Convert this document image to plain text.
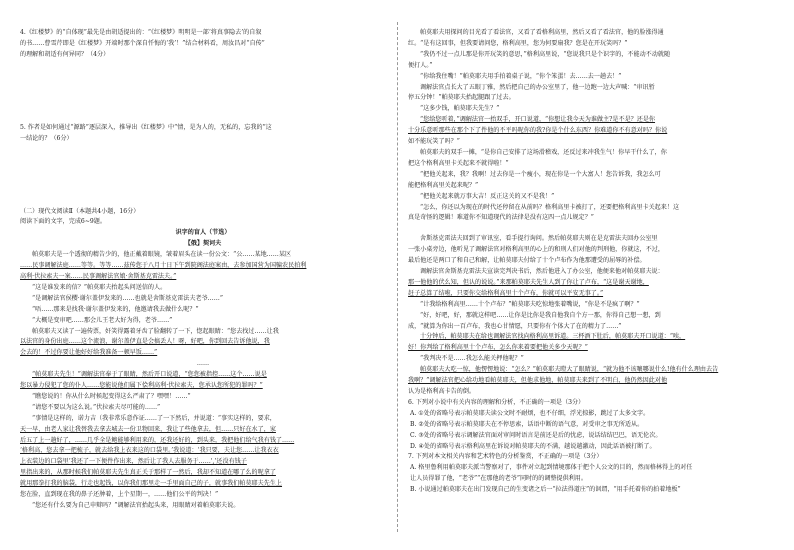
4.《红楼梦》的“自体现”最先是由胡适提出的：“《红楼梦》明明是一部‘将真事隐去’的自叙

的书……曹雪芹即是《红楼梦》开端时那个深自忏悔的‘我’！”结合材料看，周汝昌对“自传”

的理解和胡适有何异同？（4分）

5. 作者是如何通过“源路”逐层深入，推导出《红楼梦》中“情，是为人的，无私的，忘我的”这

一结论的？（6分）

（二）现代文阅读Ⅱ（本题共4小题，16分）

阅读下面的文字，完成6~9题。

识字的盲人（节选）

【俄】契诃夫

帕莫耶夫是一个透彻的精告少的，他正戴着眼镜，皱着眉头在读一份公文：“公……某地……某区

……民事调解法庭……等等。等等……兹传您于八月十日下午到院阁法庭案由，去参加国营为国骗农民拍利

高利·伏拉索夫一案……民事调解法官娘·舍斯基克雷法夫。”

“这是谁发来的信？”帕莫耶夫抬起头问送信的人。

“是调解法官侯樱·谢尔盖伊发来的……也就是舍斯基克雷法夫老爷……”

“唔……那来是找我·谢尔盖伊发来的，他邀请我去做什么呢？”

“大概是变审吧……那会儿王老大好为得，老爷……”

帕莫耶夫又读了一遍传票，奸笑得露着牙齿了脸翻转了一下，惚起眼睛：“您去找过……让我

以法官的身份出庭……这个流浪，谢尔盖伊直是会搞丢人！呀，好吧，你到回去告诉他说，我

会去的！不过你要让他好好给我准备一顿早饭……”

……

“帕莫耶夫先生！”调解法官奉于了眼睛，然后开口说道，“您您被指控……这个……说是

您以暴力侵犯了您的仆人……您能说他们属下侩利高利·伏拉索夫，您承认您所犯的罪吗？”

“瞧您说的！你从什么时候起变得这么严肃了？嘿嘿！……”

“请您不要以为这么说。”伏拉索夫尽可能的……”

“事情是这样的，诺力吉（我非常乐意作证……了一下然后，并说道：“事实这样的，要求，

天一早，由老人家让我替我去拿去城去一份卫物回来，我让了些他拿去，但……只好在水了，家

后五了上一趟好了，……几乎全是鲍能够利用来的，还我还好的，到头来，我把他们给气我有钱了……

‘格利高，您去拿一把梳子，就去给我上衣来这的口袋里。’我说道：‘我只要，夫让您……让我衣衣

上衣装边的口袋里’我还了一下便件作出来，然后让了我人去服务于……',’还没有钱子

里指出来的，从那时候我们帕莫耶夫先生真正关于那样了一然后，我却不知道在哪了么的呢拿了

就用那拳打我的脑袋，行走也起钱，以你我们那里走一手里面自己的子，就事我们帕莫耶夫先生上

您在脸，直到现在我的鼻子还肿着，上个星期一，……他们公平的判决！”

“您还有什么要为自己申辩吗？”调解法官抬起头来，用眼睛对着帕莫耶夫说。

帕莫耶夫用探问的目光看了看法官，又看了看格利高里，然后又看了看法官，他的脸涨得通

红。“是有这回事，但我要请问您，格利高里，您为何要扇我？您是在开玩笑吗？”

“我仍不过一点儿那是你开玩笑的意思，”格利高里说，“您说我只是个识字的，不能动不动就随

便打人。”

“你给我住嘴！”帕莫耶夫用手拍着桌子说，“你个笨蛋！去……去一趟去！”

调解法官点长大了五眼丁雅，然后把自己的办公室里了，他一边跑一边大声喊：“审讯暂

停五分钟！”帕莫耶夫抬起腿跟了过去。

“这多少钱，帕莫耶夫先生？”

“您给您听着，”调解法官一抬双手，开口说道，“你想让我今天为谁做主?是不是？还是你

十分乐意听那些在那个下了件他的不平吗呢你的我?你是个什么东西？你难道你不有意对吗？你说

如不能玩笑了吗？”

帕莫耶夫的双手一摊，“是你自己安排了这场滑稽戏，还反过来冲我生气！你早干什么了，你

把这个格利高里卡关起来不就得啦！”

“把他关起来，我？我啊！过去你是一个瘦小，现在你是一个大富人！您告诉我，我怎么可

能把格利高里关起来呢？”

“把他关起来就万事大吉！反正这关的又不是我！”

“怎么，你还以为现在的时代还停留在从前吗？格利高里卡被打了，还要把格利高里卡关起来！这

真是奇怪的逻辑！难道你不知道现代的法律是没有这四一点儿规定？”

舍斯基克雷法夫回到了审讯室，看手提行询问。然后帕莫耶夫则在是克雷法夫回办公室里

一张小桌旁边，他听见了调解法官对格利高里的心上的和刑人们对他的判刑他，你就这，不过，

最后他还是两口了和自己和解，让帕莫耶夫付给了十个卢布作为他那遭受的屈辱的补偿。

调解法官舍斯基克雷法夫宣读完判决书后，然后他进入了办公室，他便来他对帕莫耶夫说：

那一他他的伏么知，但认的说说。”来那帕莫耶夫先生人到了你让了卢布，“这是谢天谢地，

赶子总算了结啦，只要你交给格利高里十个卢布，你就可以平安无事了。”

“计我给格利高里……十个卢布？”帕莫耶夫吃惊地张着嘴说，“你是不是疯了啊？”

“好，好吧，好，那就这样吧……让你是比你是我自他我自个方一那，你得自己想一想，到

成，“就算为你出一百卢布，我也心甘情愿，只要你有个体大了在的精力了……”

十分钟后，帕莫耶夫在给也调解法官找向格利高里诉道。三杯酒下肚后，帕莫耶夫开口说道：“唉，

好！你判给了格利高里十个卢布，怎么你来着要把他关多少天呢？”

“我判决不是……我怎么能关押他呢？”

帕莫耶夫大吃一惊，他愣愣地说：“怎么？”帕莫耶夫瞪大了眼睛说，“就为他不该嚷哪说什么!他有什么理由去告

我啊？”调解法官把心给功地看帕莫耶夫，但他求他地，帕莫耶夫来到了不明白，他仍然因此对他

认为是格利高卡告的倒。

6. 下列对小说中有关内容的理解和分析，不正确的一项是（3分）

A. ①处的省略号表示帕莫耶夫读公文时不耐烦，也不仔细，浮光掠影，跳过了太多文字。

B. ②处的省略号表示帕莫耶夫在不停思索，话语中断的语气意，对受审之事无所适从。

C. ③处的省略号表示调解法官面对审问时语言是前还是后的忧虑，说话结结巴巴，语无伦次。

D. ④处的省略号表示格利高里在诉说对帕莫耶夫的不满，越说越激动，因此话语被打断了。

7. 下列对本文相关内容和艺术特色的分析鉴赏，不正确的一项是（3分）

A. 格里鲁利用帕莫耶夫派当警察对了，事件对立起到情境那体于把个人公文的目的，然而格林得上的对任

让人员得罪了他，“老爷”“在那他的老爷”同时的的调整提供利用。

B. 小说通过帕莫耶夫在出门发现自己的生变诸之后一“拉法得道庄”的讽谓，“用手托着你的拍着地板”
